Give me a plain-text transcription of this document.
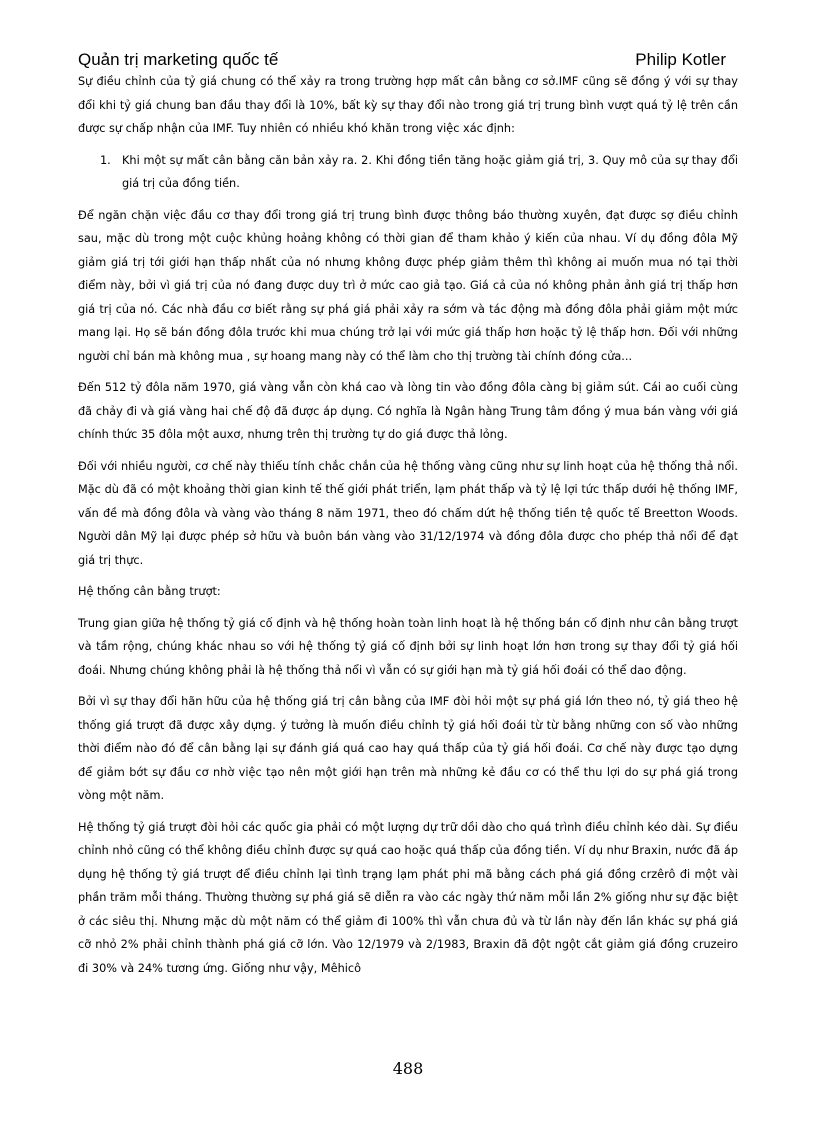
Quản trị marketing quốc tế	Philip Kotler

Sự điều chỉnh của tỷ giá chung có thể xảy ra trong trường hợp mất cân bằng cơ sở.IMF cũng sẽ đồng ý với sự thay đổi khi tỷ giá chung ban đầu thay đổi là 10%, bất kỳ sự thay đổi nào trong giá trị trung bình vượt quá tỷ lệ trên cần được sự chấp nhận của IMF. Tuy nhiên có nhiều khó khăn trong việc xác định:

1. Khi một sự mất cân bằng căn bản xảy ra. 2. Khi đồng tiền tăng hoặc giảm giá trị, 3. Quy mô của sự thay đổi giá trị của đồng tiền.

Để ngăn chặn việc đầu cơ thay đổi trong giá trị trung bình được thông báo thường xuyên, đạt được sợ điều chỉnh sau, mặc dù trong một cuộc khủng hoảng không có thời gian để tham khảo ý kiến của nhau. Ví dụ đồng đôla Mỹ giảm giá trị tới giới hạn thấp nhất của nó nhưng không được phép giảm thêm thì không ai muốn mua nó tại thời điểm này, bởi vì giá trị của nó đang được duy trì ở mức cao giả tạo. Giá cả của nó không phản ảnh giá trị thấp hơn giá trị của nó. Các nhà đầu cơ biết rằng sự phá giá phải xảy ra sớm và tác động mà đồng đôla phải giảm một mức mang lại. Họ sẽ bán đồng đôla trước khi mua chúng trở lại với mức giá thấp hơn hoặc tỷ lệ thấp hơn. Đối với những người chỉ bán mà không mua , sự hoang mang này có thể làm cho thị trường tài chính đóng cửa...

Đến 512 tỷ đôla năm 1970, giá vàng vẫn còn khá cao và lòng tin vào đồng đôla càng bị giảm sút. Cái ao cuối cùng đã chảy đi và giá vàng hai chế độ đã được áp dụng. Có nghĩa là Ngân hàng Trung tâm đồng ý mua bán vàng với giá chính thức 35 đôla một auxơ, nhưng trên thị trường tự do giá được thả lỏng.

Đối với nhiều người, cơ chế này thiếu tính chắc chắn của hệ thống vàng cũng như sự linh hoạt của hệ thống thả nổi. Mặc dù đã có một khoảng thời gian kinh tế thế giới phát triển, lạm phát thấp và tỷ lệ lợi tức thấp dưới hệ thống IMF, vấn đề mà đồng đôla và vàng vào tháng 8 năm 1971, theo đó chấm dứt hệ thống tiền tệ quốc tế Breetton Woods. Người dân Mỹ lại được phép sở hữu và buôn bán vàng vào 31/12/1974 và đồng đôla được cho phép thả nổi để đạt giá trị thực.

Hệ thống cân bằng trượt:

Trung gian giữa hệ thống tỷ giá cố định và hệ thống hoàn toàn linh hoạt là hệ thống bán cố định như cân bằng trượt và tầm rộng, chúng khác nhau so với hệ thống tỷ giá cố định bởi sự linh hoạt lớn hơn trong sự thay đổi tỷ giá hối đoái. Nhưng chúng không phải là hệ thống thả nổi vì vẫn có sự giới hạn mà tỷ giá hối đoái có thể dao động.

Bởi vì sự thay đổi hãn hữu của hệ thống giá trị cân bằng của IMF đòi hỏi một sự phá giá lớn theo nó, tỷ giá theo hệ thống giá trượt đã được xây dựng. ý tưởng là muốn điều chỉnh tỷ giá hối đoái từ từ bằng những con số vào những thời điểm nào đó để cân bằng lại sự đánh giá quá cao hay quá thấp của tỷ giá hối đoái. Cơ chế này được tạo dựng để giảm bớt sự đầu cơ nhờ việc tạo nên một giới hạn trên mà những kẻ đầu cơ có thể thu lợi do sự phá giá trong vòng một năm.

Hệ thống tỷ giá trượt đòi hỏi các quốc gia phải có một lượng dự trữ dồi dào cho quá trình điều chỉnh kéo dài. Sự điều chỉnh nhỏ cũng có thể không điều chỉnh được sự quá cao hoặc quá thấp của đồng tiền. Ví dụ như Braxin, nước đã áp dụng hệ thống tỷ giá trượt để điều chỉnh lại tình trạng lạm phát phi mã bằng cách phá giá đồng crzêrô đi một vài phần trăm mỗi tháng. Thường thường sự phá giá sẽ diễn ra vào các ngày thứ năm mỗi lần 2% giống như sự đặc biệt ở các siêu thị. Nhưng mặc dù một năm có thể giảm đi 100% thì vẫn chưa đủ và từ lần này đến lần khác sự phá giá cỡ nhỏ 2% phải chỉnh thành phá giá cỡ lớn. Vào 12/1979 và 2/1983, Braxin đã đột ngột cắt giảm giá đồng cruzeiro đi 30% và 24% tương ứng. Giống như vậy, Mêhicô

488
